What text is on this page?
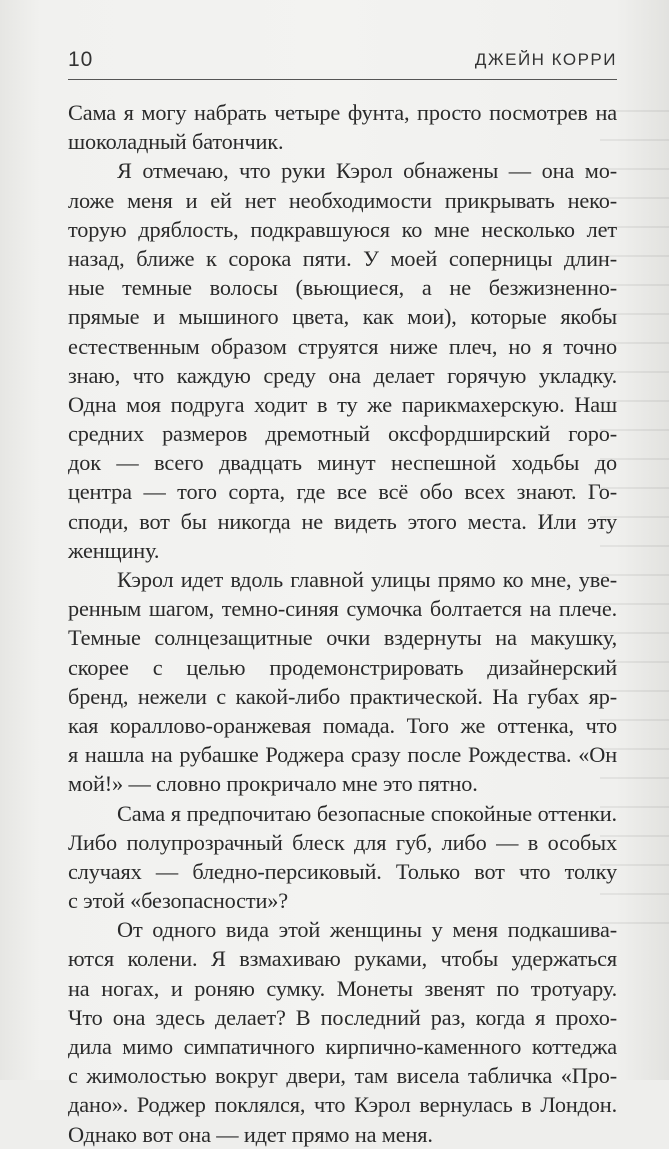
10	ДЖЕЙН КОРРИ
Сама я могу набрать четыре фунта, просто посмотрев на
шоколадный батончик.
Я отмечаю, что руки Кэрол обнажены — она мо-
ложе меня и ей нет необходимости прикрывать неко-
торую дряблость, подкравшуюся ко мне несколько лет
назад, ближе к сорока пяти. У моей соперницы длин-
ные темные волосы (вьющиеся, а не безжизненно-
прямые и мышиного цвета, как мои), которые якобы
естественным образом струятся ниже плеч, но я точно
знаю, что каждую среду она делает горячую укладку.
Одна моя подруга ходит в ту же парикмахерскую. Наш
средних размеров дремотный оксфордширский горо-
док — всего двадцать минут неспешной ходьбы до
центра — того сорта, где все всё обо всех знают. Го-
споди, вот бы никогда не видеть этого места. Или эту
женщину.
Кэрол идет вдоль главной улицы прямо ко мне, уве-
ренным шагом, темно-синяя сумочка болтается на плече.
Темные солнцезащитные очки вздернуты на макушку,
скорее с целью продемонстрировать дизайнерский
бренд, нежели с какой-либо практической. На губах яр-
кая кораллово-оранжевая помада. Того же оттенка, что
я нашла на рубашке Роджера сразу после Рождества. «Он
мой!» — словно прокричало мне это пятно.
Сама я предпочитаю безопасные спокойные оттенки.
Либо полупрозрачный блеск для губ, либо — в особых
случаях — бледно-персиковый. Только вот что толку
с этой «безопасности»?
От одного вида этой женщины у меня подкашива-
ются колени. Я взмахиваю руками, чтобы удержаться
на ногах, и роняю сумку. Монеты звенят по тротуару.
Что она здесь делает? В последний раз, когда я прохо-
дила мимо симпатичного кирпично-каменного коттеджа
с жимолостью вокруг двери, там висела табличка «Про-
дано». Роджер поклялся, что Кэрол вернулась в Лондон.
Однако вот она — идет прямо на меня.
